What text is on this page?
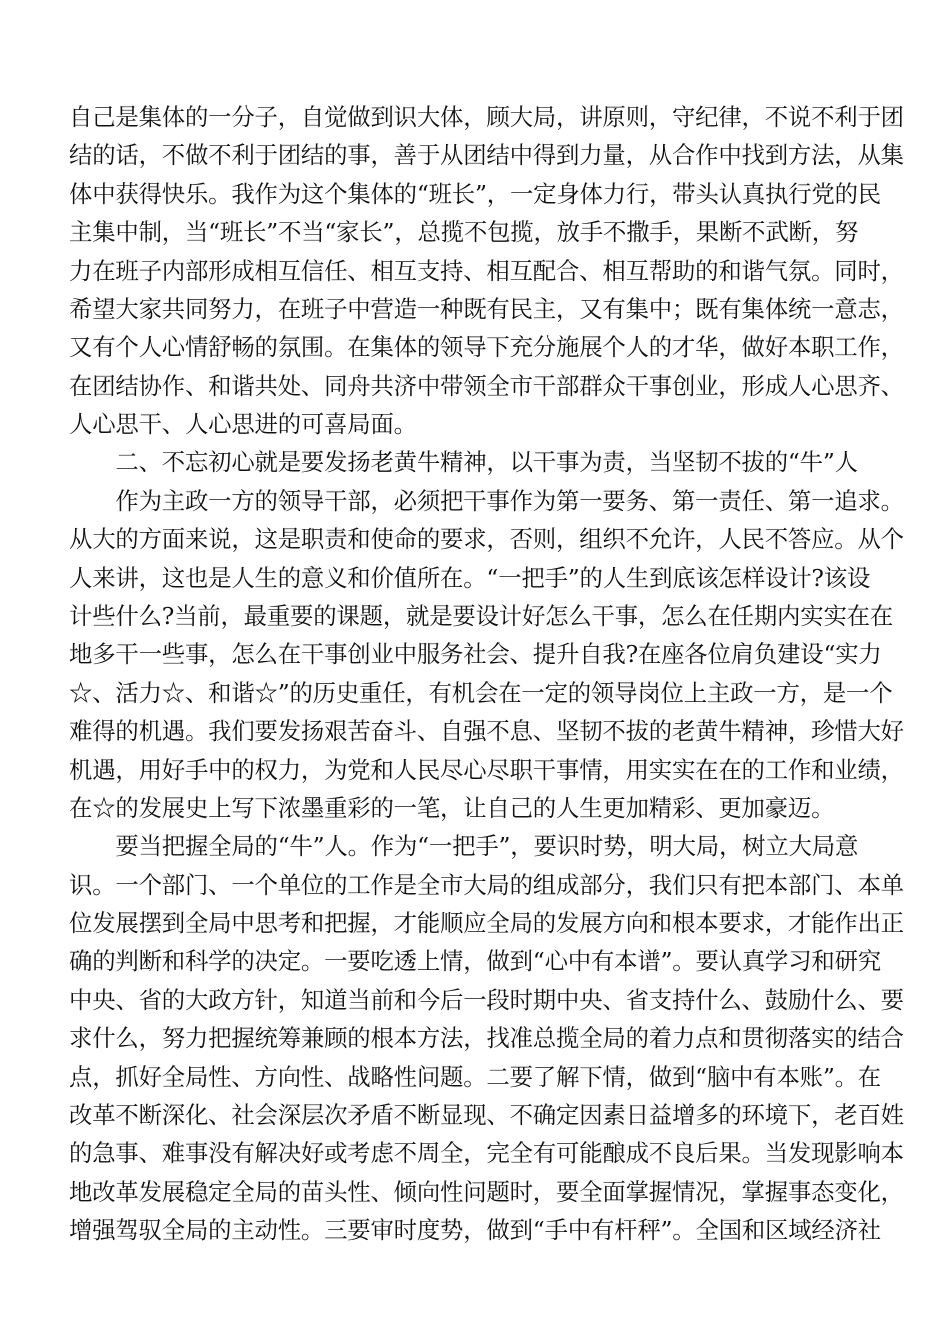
自己是集体的一分子，自觉做到识大体，顾大局，讲原则，守纪律，不说不利于团
结的话，不做不利于团结的事，善于从团结中得到力量，从合作中找到方法，从集
体中获得快乐。我作为这个集体的“班长”，一定身体力行，带头认真执行党的民
主集中制，当“班长”不当“家长”，总揽不包揽，放手不撒手，果断不武断，努
力在班子内部形成相互信任、相互支持、相互配合、相互帮助的和谐气氛。同时，
希望大家共同努力，在班子中营造一种既有民主，又有集中；既有集体统一意志，
又有个人心情舒畅的氛围。在集体的领导下充分施展个人的才华，做好本职工作，
在团结协作、和谐共处、同舟共济中带领全市干部群众干事创业，形成人心思齐、
人心思干、人心思进的可喜局面。
　　二、不忘初心就是要发扬老黄牛精神，以干事为责，当坚韧不拔的“牛”人
　　作为主政一方的领导干部，必须把干事作为第一要务、第一责任、第一追求。
从大的方面来说，这是职责和使命的要求，否则，组织不允许，人民不答应。从个
人来讲，这也是人生的意义和价值所在。“一把手”的人生到底该怎样设计?该设
计些什么?当前，最重要的课题，就是要设计好怎么干事，怎么在任期内实实在在
地多干一些事，怎么在干事创业中服务社会、提升自我?在座各位肩负建设“实力
☆、活力☆、和谐☆”的历史重任，有机会在一定的领导岗位上主政一方，是一个
难得的机遇。我们要发扬艰苦奋斗、自强不息、坚韧不拔的老黄牛精神，珍惜大好
机遇，用好手中的权力，为党和人民尽心尽职干事情，用实实在在的工作和业绩，
在☆的发展史上写下浓墨重彩的一笔，让自己的人生更加精彩、更加豪迈。
　　要当把握全局的“牛”人。作为“一把手”，要识时势，明大局，树立大局意
识。一个部门、一个单位的工作是全市大局的组成部分，我们只有把本部门、本单
位发展摆到全局中思考和把握，才能顺应全局的发展方向和根本要求，才能作出正
确的判断和科学的决定。一要吃透上情，做到“心中有本谱”。要认真学习和研究
中央、省的大政方针，知道当前和今后一段时期中央、省支持什么、鼓励什么、要
求什么，努力把握统筹兼顾的根本方法，找准总揽全局的着力点和贯彻落实的结合
点，抓好全局性、方向性、战略性问题。二要了解下情，做到“脑中有本账”。在
改革不断深化、社会深层次矛盾不断显现、不确定因素日益增多的环境下，老百姓
的急事、难事没有解决好或考虑不周全，完全有可能酿成不良后果。当发现影响本
地改革发展稳定全局的苗头性、倾向性问题时，要全面掌握情况，掌握事态变化，
增强驾驭全局的主动性。三要审时度势，做到“手中有杆秤”。全国和区域经济社
